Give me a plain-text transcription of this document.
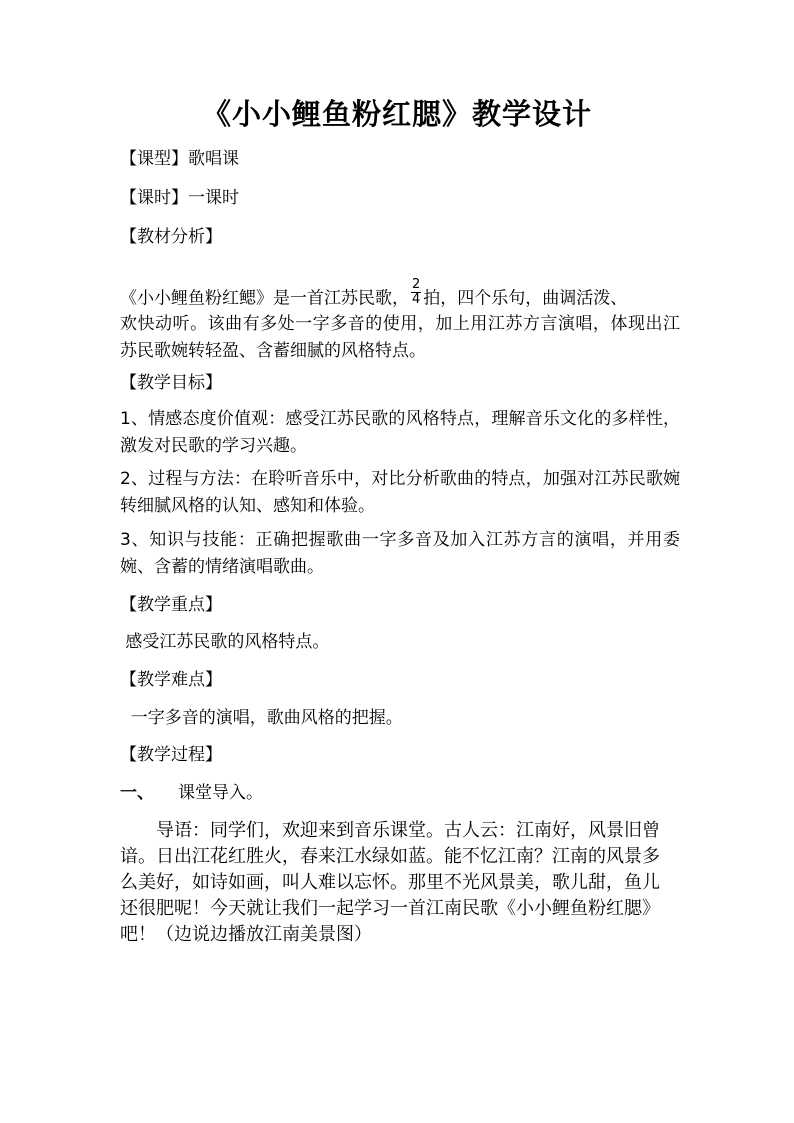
《小小鲤鱼粉红腮》教学设计
【课型】歌唱课
【课时】一课时
【教材分析】
《小小鲤鱼粉红鳃》是一首江苏民歌， $\frac{2}{4}$ 拍，四个乐句，曲调活泼、
欢快动听。该曲有多处一字多音的使用，加上用江苏方言演唱，体现出江苏民歌婉转轻盈、含蓄细腻的风格特点。
【教学目标】
1、情感态度价值观：感受江苏民歌的风格特点，理解音乐文化的多样性，激发对民歌的学习兴趣。
2、过程与方法：在聆听音乐中，对比分析歌曲的特点，加强对江苏民歌婉转细腻风格的认知、感知和体验。
3、知识与技能：正确把握歌曲一字多音及加入江苏方言的演唱，并用委婉、含蓄的情绪演唱歌曲。
【教学重点】
感受江苏民歌的风格特点。
【教学难点】
一字多音的演唱，歌曲风格的把握。
【教学过程】
一、 课堂导入。
导语：同学们，欢迎来到音乐课堂。古人云：江南好，风景旧曾谙。日出江花红胜火，春来江水绿如蓝。能不忆江南？江南的风景多么美好，如诗如画，叫人难以忘怀。那里不光风景美，歌儿甜，鱼儿还很肥呢！今天就让我们一起学习一首江南民歌《小小鲤鱼粉红腮》吧！（边说边播放江南美景图）
